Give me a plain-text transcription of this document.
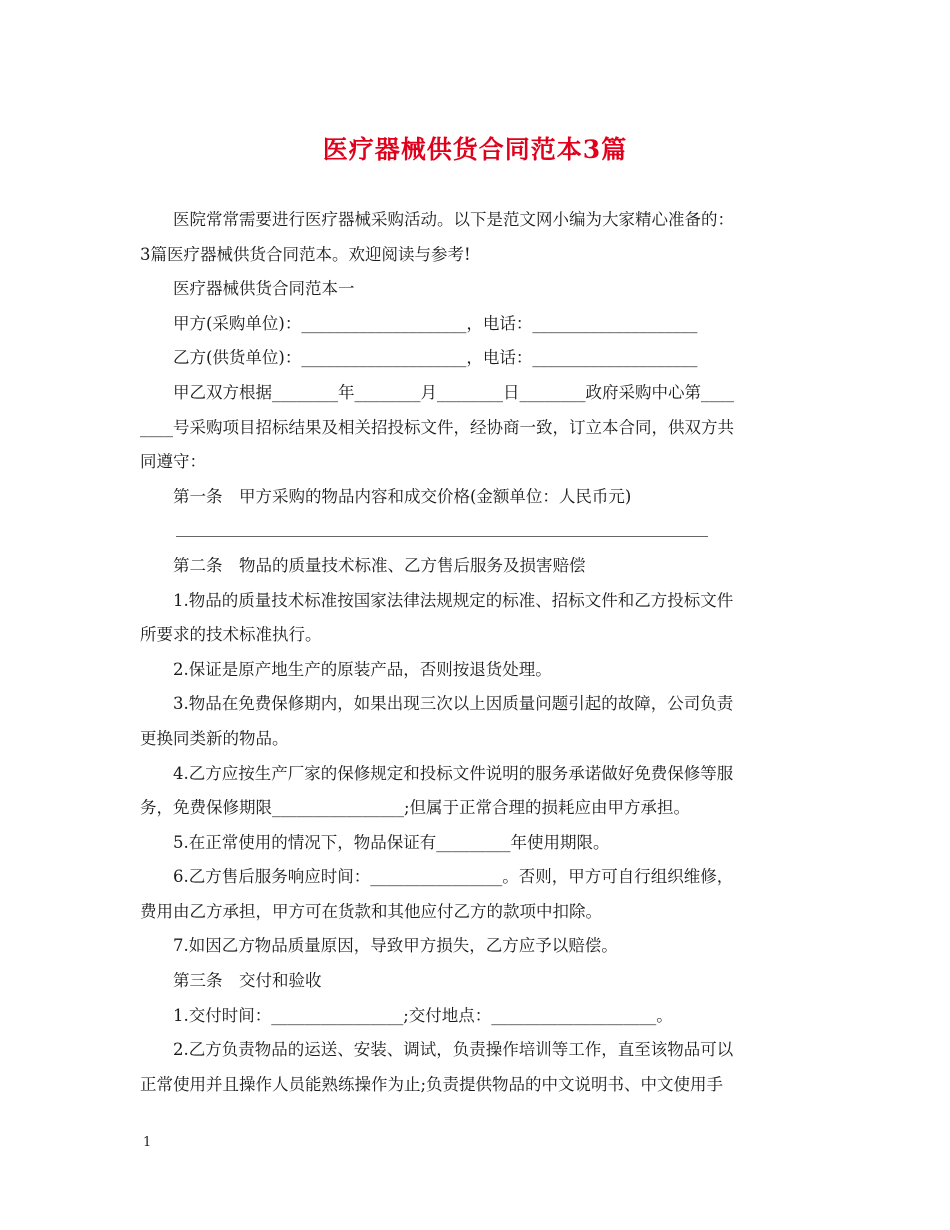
医疗器械供货合同范本3篇

医院常常需要进行医疗器械采购活动。以下是范文网小编为大家精心准备的：

3篇医疗器械供货合同范本。欢迎阅读与参考!

医疗器械供货合同范本一

甲方(采购单位)：____________________，电话：____________________

乙方(供货单位)：____________________，电话：____________________

甲乙双方根据________年________月________日________政府采购中心第____

____号采购项目招标结果及相关招投标文件，经协商一致，订立本合同，供双方共

同遵守：

第一条　甲方采购的物品内容和成交价格(金额单位：人民币元)

第二条　物品的质量技术标准、乙方售后服务及损害赔偿

1.物品的质量技术标准按国家法律法规规定的标准、招标文件和乙方投标文件

所要求的技术标准执行。

2.保证是原产地生产的原装产品，否则按退货处理。

3.物品在免费保修期内，如果出现三次以上因质量问题引起的故障，公司负责

更换同类新的物品。

4.乙方应按生产厂家的保修规定和投标文件说明的服务承诺做好免费保修等服

务，免费保修期限________________;但属于正常合理的损耗应由甲方承担。

5.在正常使用的情况下，物品保证有_________年使用期限。

6.乙方售后服务响应时间：________________。否则，甲方可自行组织维修，

费用由乙方承担，甲方可在货款和其他应付乙方的款项中扣除。

7.如因乙方物品质量原因，导致甲方损失，乙方应予以赔偿。

第三条　交付和验收

1.交付时间：________________;交付地点：____________________。

2.乙方负责物品的运送、安装、调试，负责操作培训等工作，直至该物品可以

正常使用并且操作人员能熟练操作为止;负责提供物品的中文说明书、中文使用手

1
